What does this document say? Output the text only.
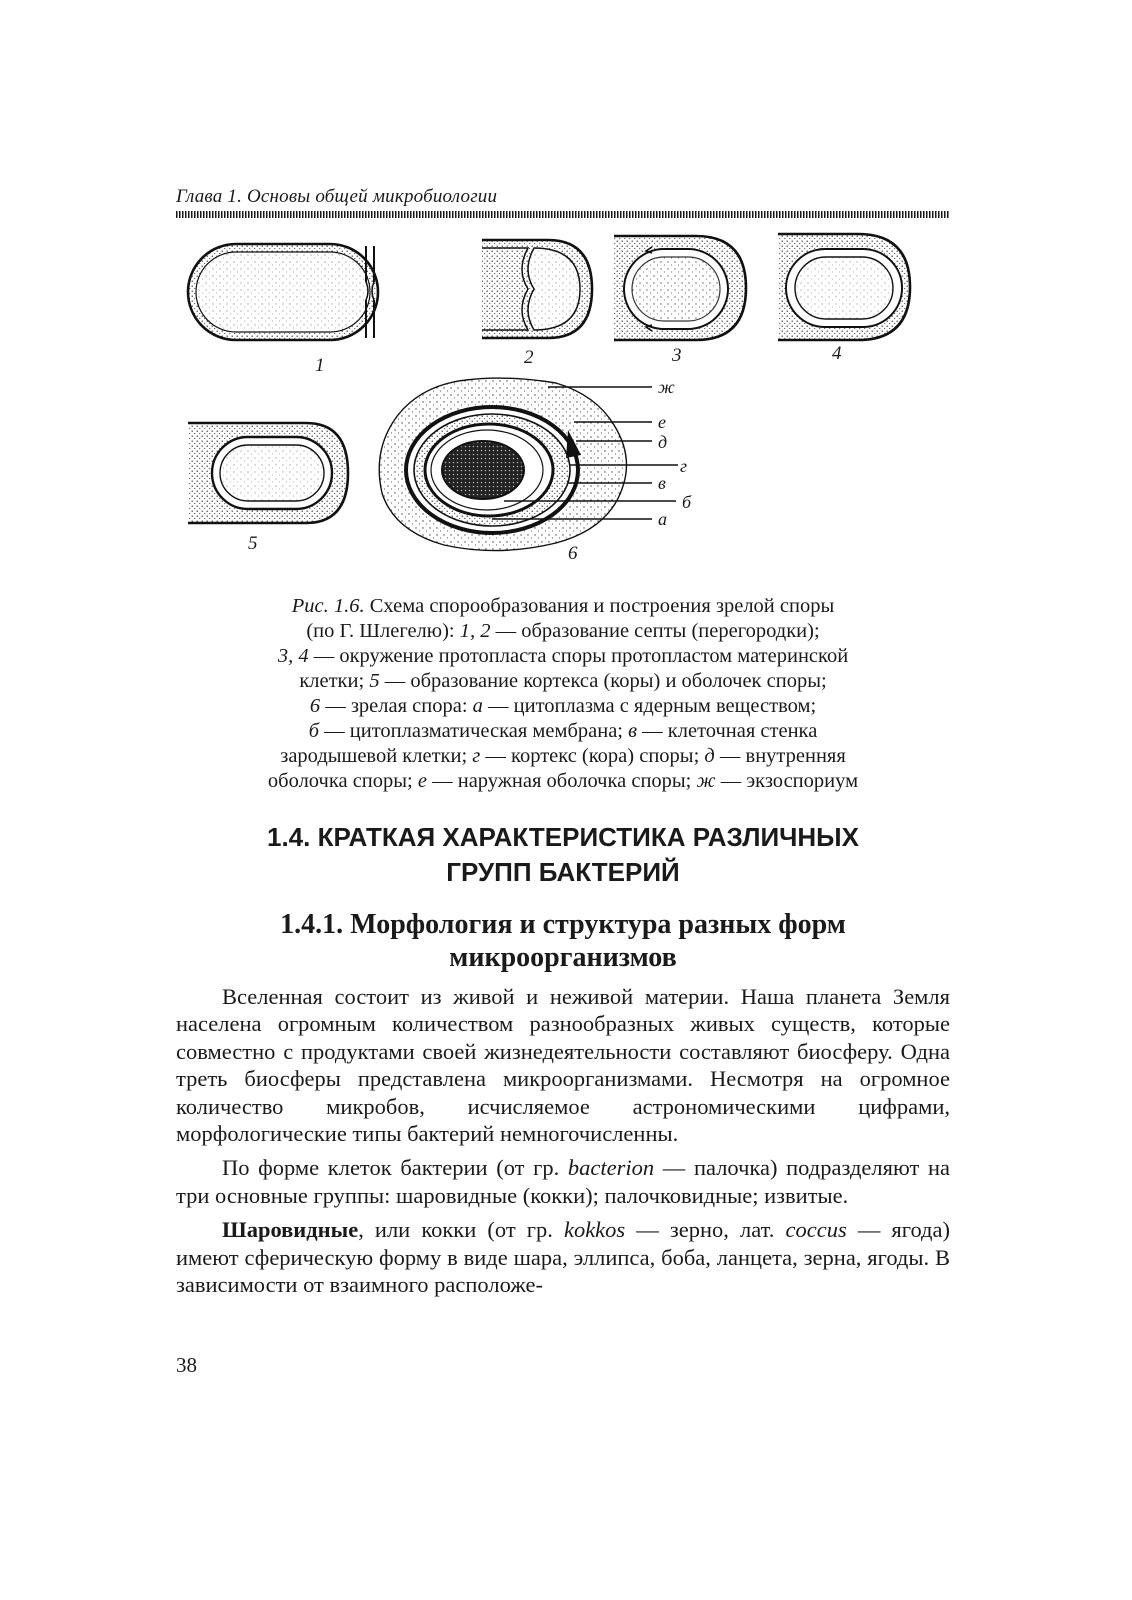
Глава 1. Основы общей микробиологии
1	2	3	4
5
ж
е
д
г
в
б
а
6
Рис. 1.6. Схема спорообразования и построения зрелой споры
(по Г. Шлегелю): 1, 2 — образование септы (перегородки);
3, 4 — окружение протопласта споры протопластом материнской
клетки; 5 — образование кортекса (коры) и оболочек споры;
6 — зрелая спора: а — цитоплазма с ядерным веществом;
б — цитоплазматическая мембрана; в — клеточная стенка
зародышевой клетки; г — кортекс (кора) споры; д — внутренняя
оболочка споры; е — наружная оболочка споры; ж — экзоспориум
1.4. КРАТКАЯ ХАРАКТЕРИСТИКА РАЗЛИЧНЫХ
ГРУПП БАКТЕРИЙ
1.4.1. Морфология и структура разных форм
микроорганизмов

Вселенная состоит из живой и неживой материи. Наша планета Земля населена огромным количеством разнообразных живых существ, которые совместно с продуктами своей жизнедеятельности составляют биосферу. Одна треть биосферы представлена микроорганизмами. Несмотря на огромное количество микробов, исчисляемое астрономическими цифрами, морфологические типы бактерий немногочисленны.

По форме клеток бактерии (от гр. bacterion — палочка) подразделяют на три основные группы: шаровидные (кокки); палочковидные; извитые.

Шаровидные, или кокки (от гр. kokkos — зерно, лат. coccus — ягода) имеют сферическую форму в виде шара, эллипса, боба, ланцета, зерна, ягоды. В зависимости от взаимного расположе-

38
